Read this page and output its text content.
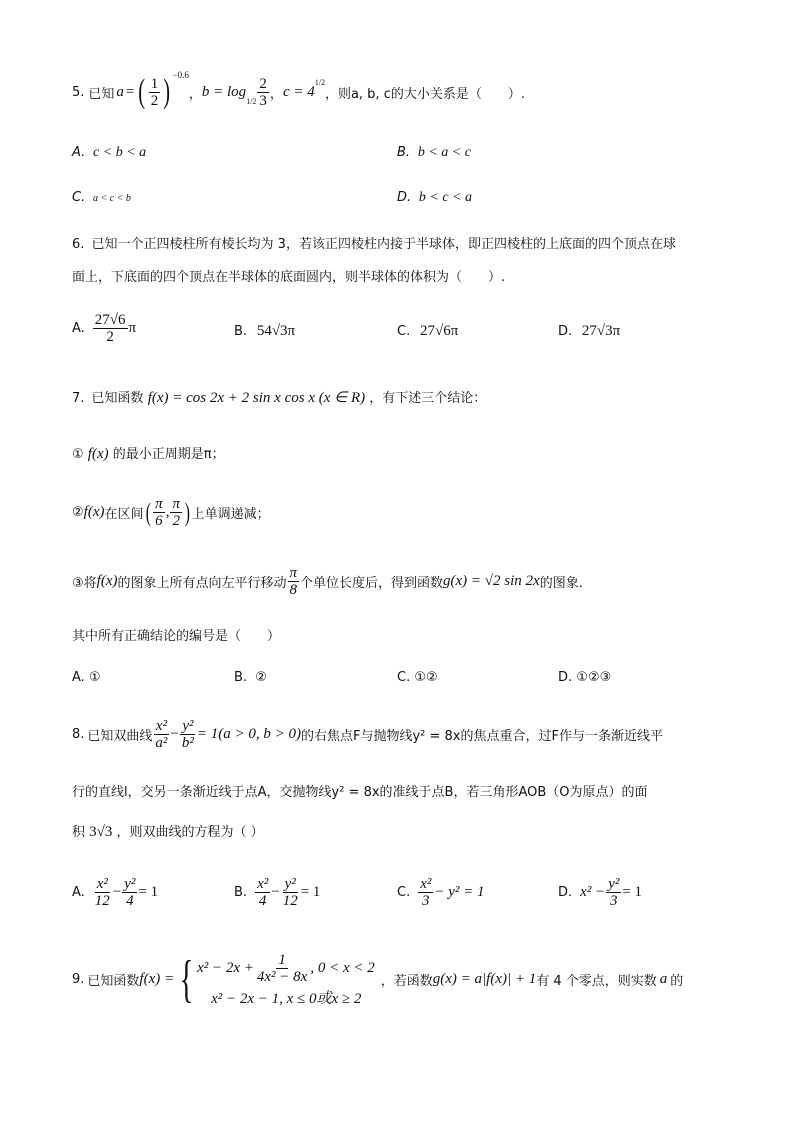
5. 已知 a = ( $\frac{1}{2}$ ) −0.6
， b = log
$1/2 \frac{2}{3}$ ， c = 4
1/2
，则a, b, c的大小关系是（　　）.
A. c < b < a	B. b < a < c
C. a < c < b	D. b < c < a
6. 已知一个正四棱柱所有棱长均为 3，若该正四棱柱内接于半球体，即正四棱柱的上底面的四个顶点在球
面上，下底面的四个顶点在半球体的底面圆内，则半球体的体积为（　　）.
A. $\frac{27√6}{2}$ π	B. 54√3π	C. 27√6π	D. 27√3π
7. 已知函数 f(x) = cos 2x + 2 sin x cos x (x ∈ R) ，有下述三个结论：
① f(x) 的最小正周期是π；
② f(x) 在区间 ( $\frac{\pi}{6}$ , $\frac{\pi}{2}$ ) 上单调递减；
③将 f(x) 的图象上所有点向左平行移动 $\frac{\pi}{8}$ 个单位长度后，得到函数 g(x) = √2 sin 2x 的图象.
其中所有正确结论的编号是（　　）
A. ①	B. ②	C. ①②	D. ①②③
8. 已知双曲线 $\frac{\text{x²}}{\text{a²}} - \frac{\text{y²}}{\text{b²}} = 1(a > 0$, b > 0) 的右焦点F与抛物线y² = 8x的焦点重合，过F作与一条渐近线平
行的直线l，交另一条渐近线于点A，交抛物线y² = 8x的准线于点B，若三角形AOB（O为原点）的面
积 3√3 ，则双曲线的方程为（ ）
A. $\frac{\text{x²}}{12} - \frac{\text{y²}}{4} = 1$	B. $\frac{\text{x²}}{4} - \frac{\text{y²}}{12} = 1$	C. $\frac{\text{x²}}{3} - y^2 = 1$	D. $x^2 - \frac{\text{y²}}{3} = 1$
9. 已知函数 f(x) = { $x^2 - 2x + \frac{1}{\text{4x² − 8x}}$ , 0 < x < 2
x² − 2x − 1, x ≤ 0或x ≥ 2
，若函数 g(x) = a|f(x)| + 1 有 4 个零点，则实数 a 的
